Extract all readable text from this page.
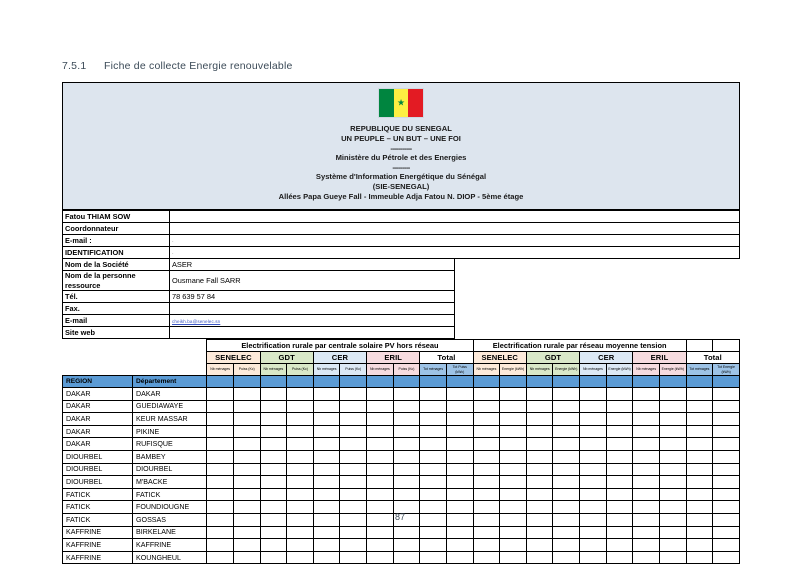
7.5.1 Fiche de collecte Energie renouvelable
★
REPUBLIQUE DU SENEGAL
UN PEUPLE – UN BUT – UNE FOI
-----------
Ministère du Pétrole et des Energies
---------
Système d'Information Energétique du Sénégal
(SIE-SENEGAL)
Allées Papa Gueye Fall - Immeuble Adja Fatou N. DIOP - 5ème étage
Fatou THIAM SOW		
Coordonnateur		
E-mail :	·	
IDENTIFICATION	·	
Nom de la Société	ASER	
Nom de la personne ressource	Ousmane Fall SARR	
Tél.	78 639 57 84	
Fax.		
E-mail	cheikh.ba@senelec.sn	
Site web		
		Electrification rurale par centrale solaire PV hors réseau										Electrification rurale par réseau moyenne tension									
		SENELEC		GDT		CER		ERIL		Total		SENELEC		GDT		CER		ERIL		Total	
		Nb ménages	Puiss (Kc)	Nb ménages	Puiss (Kc)	Nb ménages	Puiss (Kc)	Nb ménages	Puiss (Kc)	Tot ménages	Tot Puiss (kWc)	Nb ménages	Energie (kWh)	Nb ménages	Energie (kWh)	Nb ménages	Energie (kWh)	Nb ménages	Energie (kWh)	Tot ménages	Tot Energie (kWh)
REGION	Département																				
DAKAR	DAKAR																				
DAKAR	GUEDIAWAYE																				
DAKAR	KEUR MASSAR																				
DAKAR	PIKINE																				
DAKAR	RUFISQUE																				
DIOURBEL	BAMBEY																				
DIOURBEL	DIOURBEL																				
DIOURBEL	M'BACKE																				
FATICK	FATICK																				
FATICK	FOUNDIOUGNE																				
FATICK	GOSSAS																				
KAFFRINE	BIRKELANE																				
KAFFRINE	KAFFRINE																				
KAFFRINE	KOUNGHEUL																				
87
